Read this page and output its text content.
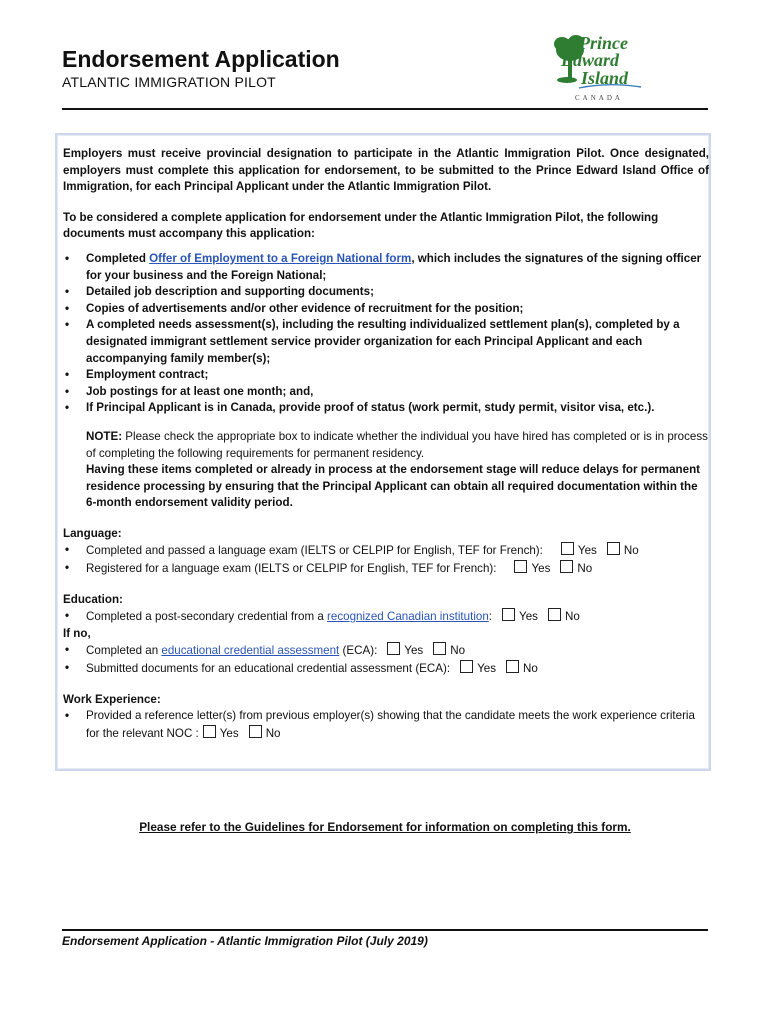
Endorsement Application
ATLANTIC IMMIGRATION PILOT
Prince
Edward
Island
CANADA

Employers must receive provincial designation to participate in the Atlantic Immigration Pilot. Once designated, employers must complete this application for endorsement, to be submitted to the Prince Edward Island Office of Immigration, for each Principal Applicant under the Atlantic Immigration Pilot.

To be considered a complete application for endorsement under the Atlantic Immigration Pilot, the following documents must accompany this application:

• Completed Offer of Employment to a Foreign National form, which includes the signatures of the signing officer for your business and the Foreign National;
• Detailed job description and supporting documents;
• Copies of advertisements and/or other evidence of recruitment for the position;
• A completed needs assessment(s), including the resulting individualized settlement plan(s), completed by a designated immigrant settlement service provider organization for each Principal Applicant and each accompanying family member(s);
• Employment contract;
• Job postings for at least one month; and,
• If Principal Applicant is in Canada, provide proof of status (work permit, study permit, visitor visa, etc.).
NOTE: Please check the appropriate box to indicate whether the individual you have hired has completed or is in process of completing the following requirements for permanent residency.

Having these items completed or already in process at the endorsement stage will reduce delays for permanent residence processing by ensuring that the Principal Applicant can obtain all required documentation within the 6-month endorsement validity period.

Language:

• Completed and passed a language exam (IELTS or CELPIP for English, TEF for French):	Yes No
• Registered for a language exam (IELTS or CELPIP for English, TEF for French):	Yes No

Education:

• Completed a post-secondary credential from a recognized Canadian institution: Yes No

If no,

• Completed an educational credential assessment (ECA): Yes No
• Submitted documents for an educational credential assessment (ECA): Yes No

Work Experience:

• Provided a reference letter(s) from previous employer(s) showing that the candidate meets the work experience criteria for the relevant NOC : Yes No
Please refer to the Guidelines for Endorsement for information on completing this form.
Endorsement Application - Atlantic Immigration Pilot (July 2019)
